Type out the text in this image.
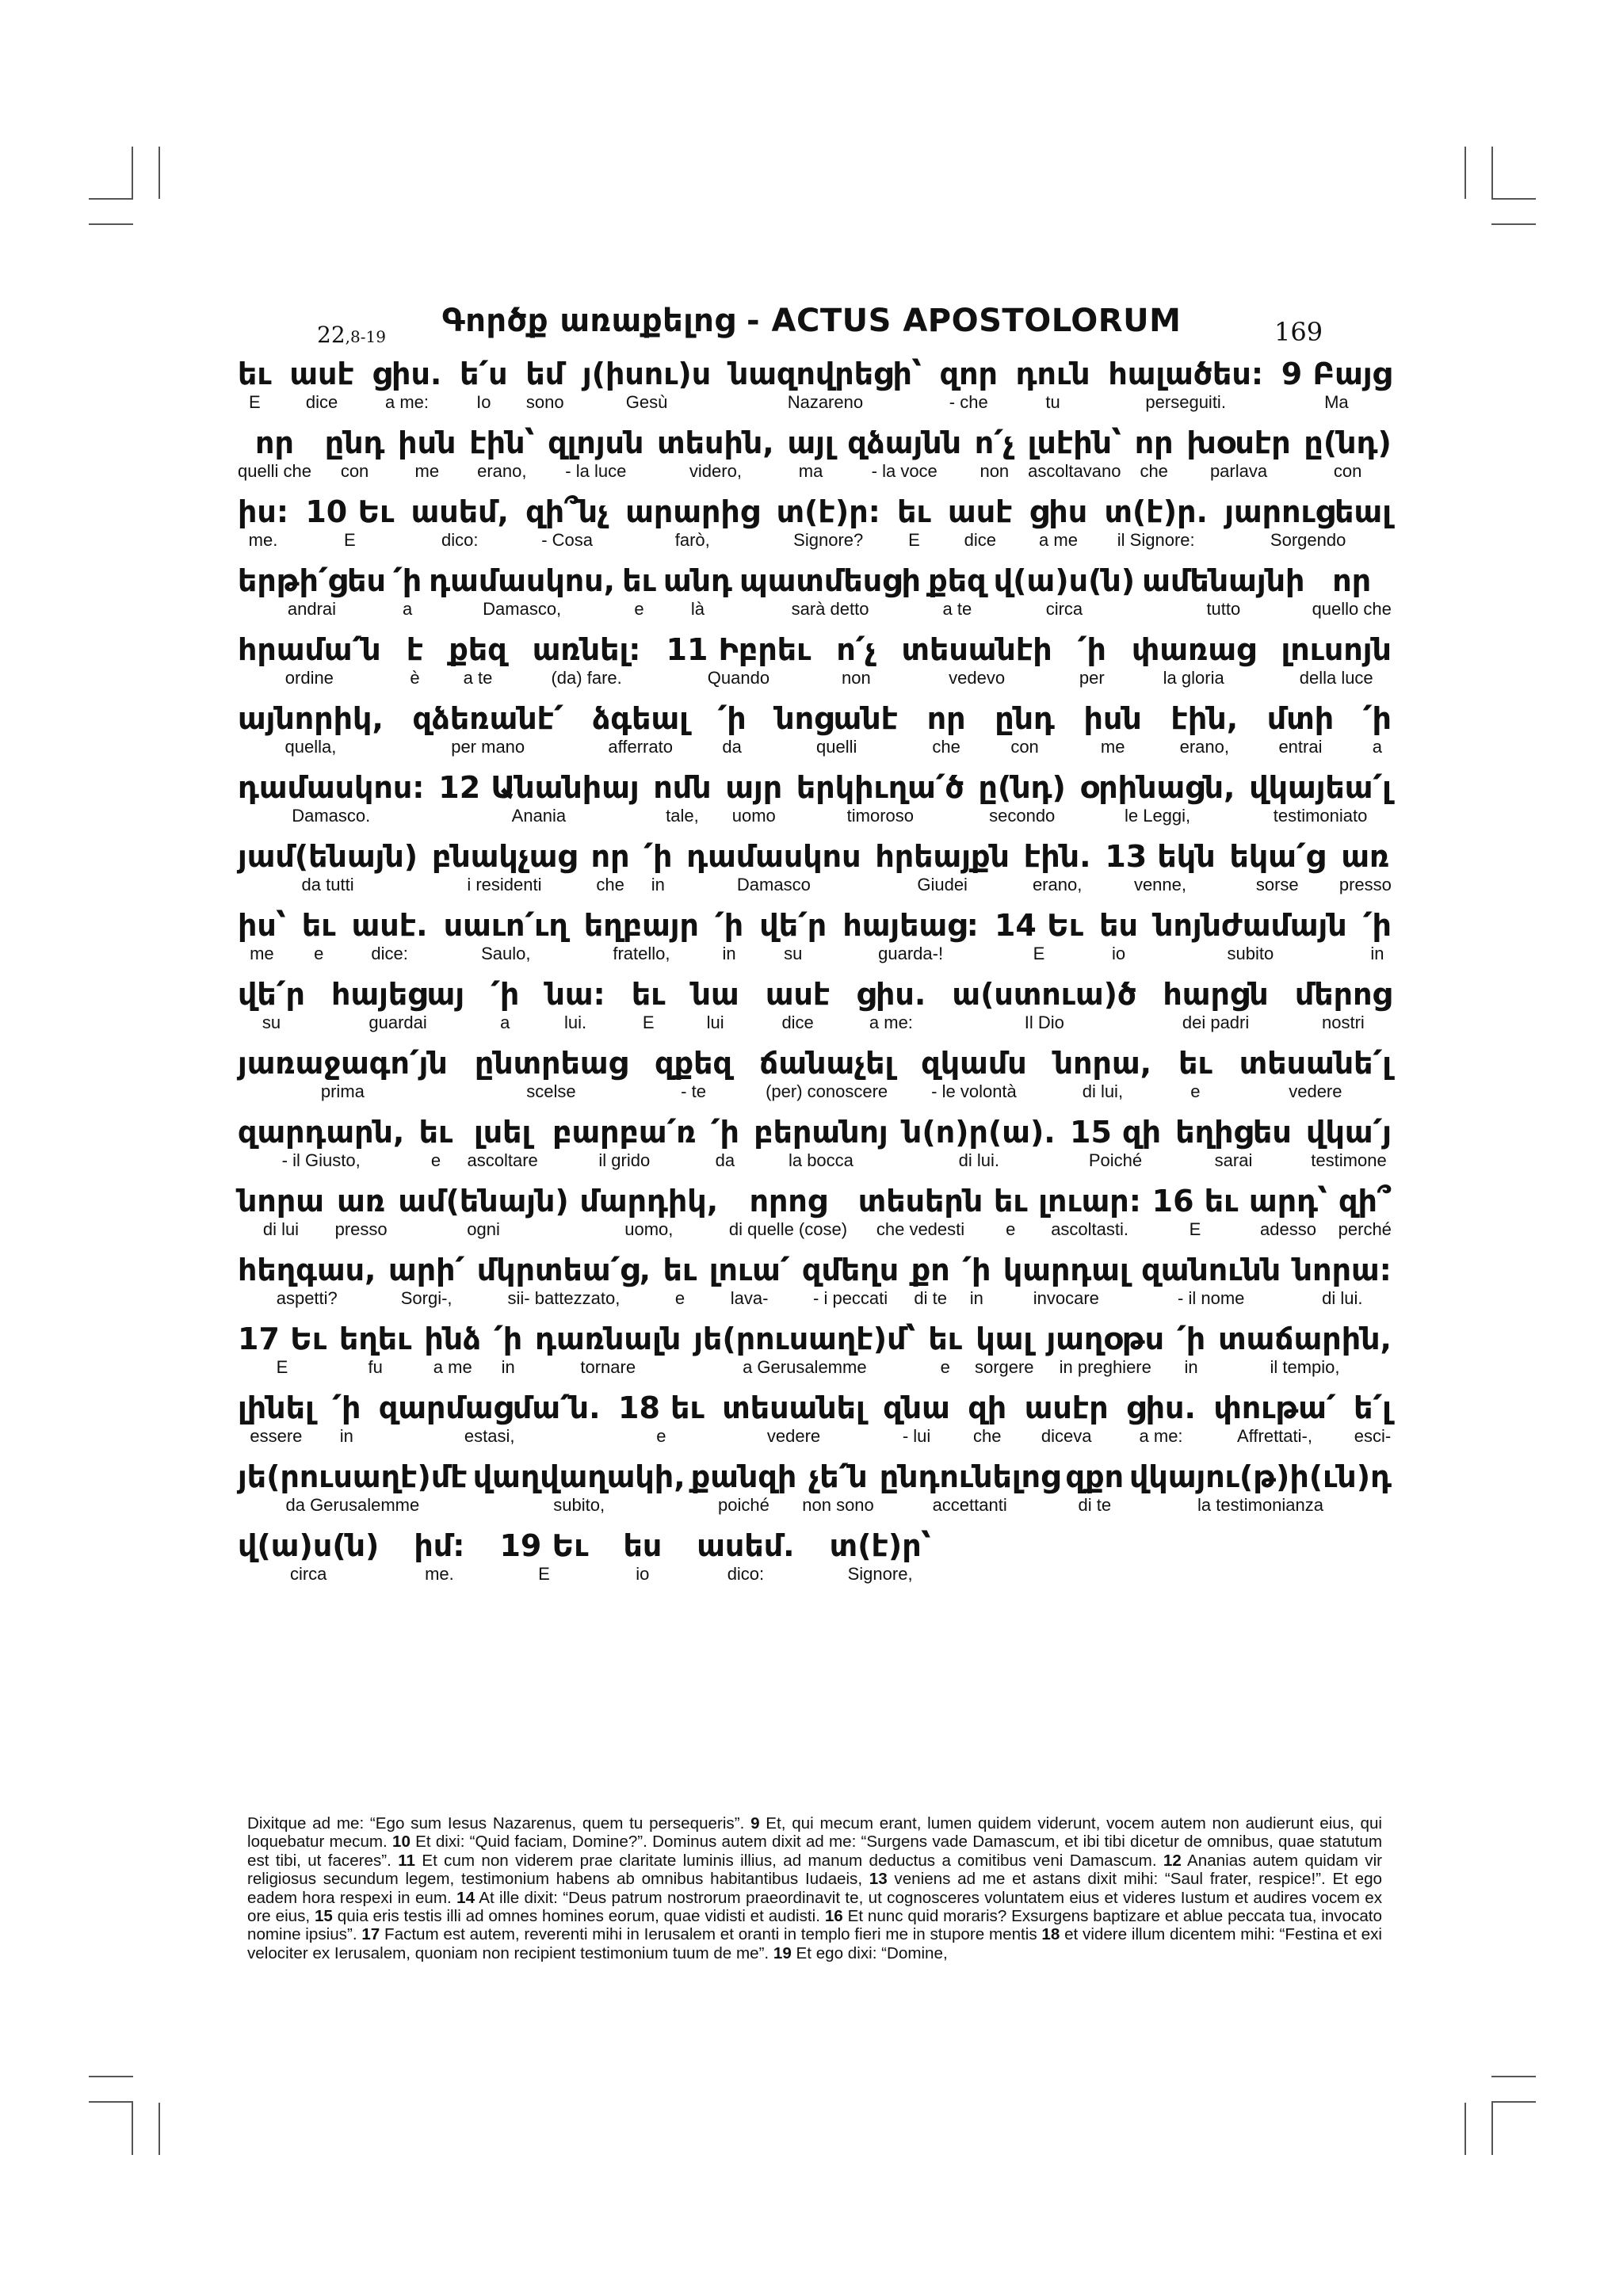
22,8-19	Գործք առաքելոց - ACTUS APOSTOLORUM	169
եւ
E
ասէ
dice
ցիս.
a me:
ե՛ս
Io
եմ
sono
յ(իսու)ս
Gesù
նազովրեցի՝
Nazareno
զոր
- che
դուն
tu
հալածես:
perseguiti.
9 Բայց
Ma
որ
quelli che
ընդ
con
իսն
me
էին՝
erano,
զլոյսն
- la luce
տեսին,
videro,
այլ
ma
զձայնն
- la voce
ո՛չ
non
լսէին՝
ascoltavano
որ
che
խօսէր
parlava
ը(նդ)
con
իս:
me.
10 Եւ
E
ասեմ,
dico:
զի՞նչ
- Cosa
արարից
farò,
տ(է)ր:
Signore?
եւ
E
ասէ
dice
ցիս
a me
տ(է)ր.
il Signore:
յարուցեալ
Sorgendo
երթի՛ցես
andrai
՛ի
a
դամասկոս,
Damasco,
եւ
e
անդ
là
պատմեսցի
sarà detto
քեզ
a te
վ(ա)ս(ն)
circa
ամենայնի
tutto
որ
quello che
հրամա՛ն
ordine
է
è
քեզ
a te
առնել:
(da) fare.
11 Իբրեւ
Quando
ո՛չ
non
տեսանէի
vedevo
՛ի
per
փառաց
la gloria
լուսոյն
della luce
այնորիկ,
quella,
զձեռանէ՛
per mano
ձգեալ
afferrato
՛ի
da
նոցանէ
quelli
որ
che
ընդ
con
իսն
me
էին,
erano,
մտի
entrai
՛ի
a
դամասկոս:
Damasco.
12 Անանիայ
Anania
ոմն
tale,
այր
uomo
երկիւղա՛ծ
timoroso
ը(նդ)
secondo
օրինացն,
le Leggi,
վկայեա՛լ
testimoniato
յամ(ենայն)
da tutti
բնակչաց
i residenti
որ
che
՛ի
in
դամասկոս
Damasco
հրեայքն
Giudei
էին.
erano,
13 եկն
venne,
եկա՛ց
sorse
առ
presso
իս՝
me
եւ
e
ասէ.
dice:
սաւո՛ւղ
Saulo,
եղբայր
fratello,
՛ի
in
վե՛ր
su
հայեաց:
guarda-!
14 Եւ
E
ես
io
նոյնժամայն
subito
՛ի
in
վե՛ր
su
հայեցայ
guardai
՛ի
a
նա:
lui.
եւ
E
նա
lui
ասէ
dice
ցիս.
a me:
ա(ստուա)ծ
Il Dio
հարցն
dei padri
մերոց
nostri
յառաջագո՛յն
prima
ընտրեաց
scelse
զքեզ
- te
ճանաչել
(per) conoscere
զկամս
- le volontà
նորա,
di lui,
եւ
e
տեսանե՛լ
vedere
զարդարն,
- il Giusto,
եւ
e
լսել
ascoltare
բարբա՛ռ
il grido
՛ի
da
բերանոյ
la bocca
ն(ո)ր(ա).
di lui.
15 զի
Poiché
եղիցես
sarai
վկա՛յ
testimone
նորա
di lui
առ
presso
ամ(ենայն)
ogni
մարդիկ,
uomo,
որոց
di quelle (cose)
տեսերն
che vedesti
եւ
e
լուար:
ascoltasti.
16 եւ
E
արդ՝
adesso
զի՞
perché
հեղգաս,
aspetti?
արի՛
Sorgi-,
մկրտեա՛ց,
sii- battezzato,
եւ
e
լուա՛
lava-
զմեղս
- i peccati
քո
di te
՛ի
in
կարդալ
invocare
զանունն
- il nome
նորա:
di lui.
17 Եւ
E
եղեւ
fu
ինձ
a me
՛ի
in
դառնալն
tornare
յե(րուսաղէ)մ՝
a Gerusalemme
եւ
e
կալ
sorgere
յաղօթս
in preghiere
՛ի
in
տաճարին,
il tempio,
լինել
essere
՛ի
in
զարմացմա՛ն.
estasi,
18 եւ
e
տեսանել
vedere
զնա
- lui
զի
che
ասէր
diceva
ցիս.
a me:
փութա՛
Affrettati-,
ե՛լ
esci-
յե(րուսաղէ)մէ
da Gerusalemme
վաղվաղակի,
subito,
քանզի
poiché
չե՛ն
non sono
ընդունելոց
accettanti
զքո
di te
վկայու(թ)ի(ւն)դ
la testimonianza
վ(ա)ս(ն)
circa
իմ:
me.
19 Եւ
E
ես
io
ասեմ.
dico:
տ(է)ր՝
Signore,
Dixitque ad me: “Ego sum Iesus Nazarenus, quem tu persequeris”. 9 Et, qui mecum erant, lumen quidem viderunt, vocem autem non audierunt eius, qui loquebatur mecum. 10 Et dixi: “Quid faciam, Domine?”. Dominus autem dixit ad me: “Surgens vade Damascum, et ibi tibi dicetur de omnibus, quae statutum est tibi, ut faceres”. 11 Et cum non viderem prae claritate luminis illius, ad manum deductus a comitibus veni Damascum. 12 Ananias autem quidam vir religiosus secundum legem, testimonium habens ab omnibus habitantibus Iudaeis, 13 veniens ad me et astans dixit mihi: “Saul frater, respice!”. Et ego eadem hora respexi in eum. 14 At ille dixit: “Deus patrum nostrorum praeordinavit te, ut cognosceres voluntatem eius et videres Iustum et audires vocem ex ore eius, 15 quia eris testis illi ad omnes homines eorum, quae vidisti et audisti. 16 Et nunc quid moraris? Exsurgens baptizare et ablue peccata tua, invocato nomine ipsius”. 17 Factum est autem, reverenti mihi in Ierusalem et oranti in templo fieri me in stupore mentis 18 et videre illum dicentem mihi: “Festina et exi velociter ex Ierusalem, quoniam non recipient testimonium tuum de me”. 19 Et ego dixi: “Domine,
